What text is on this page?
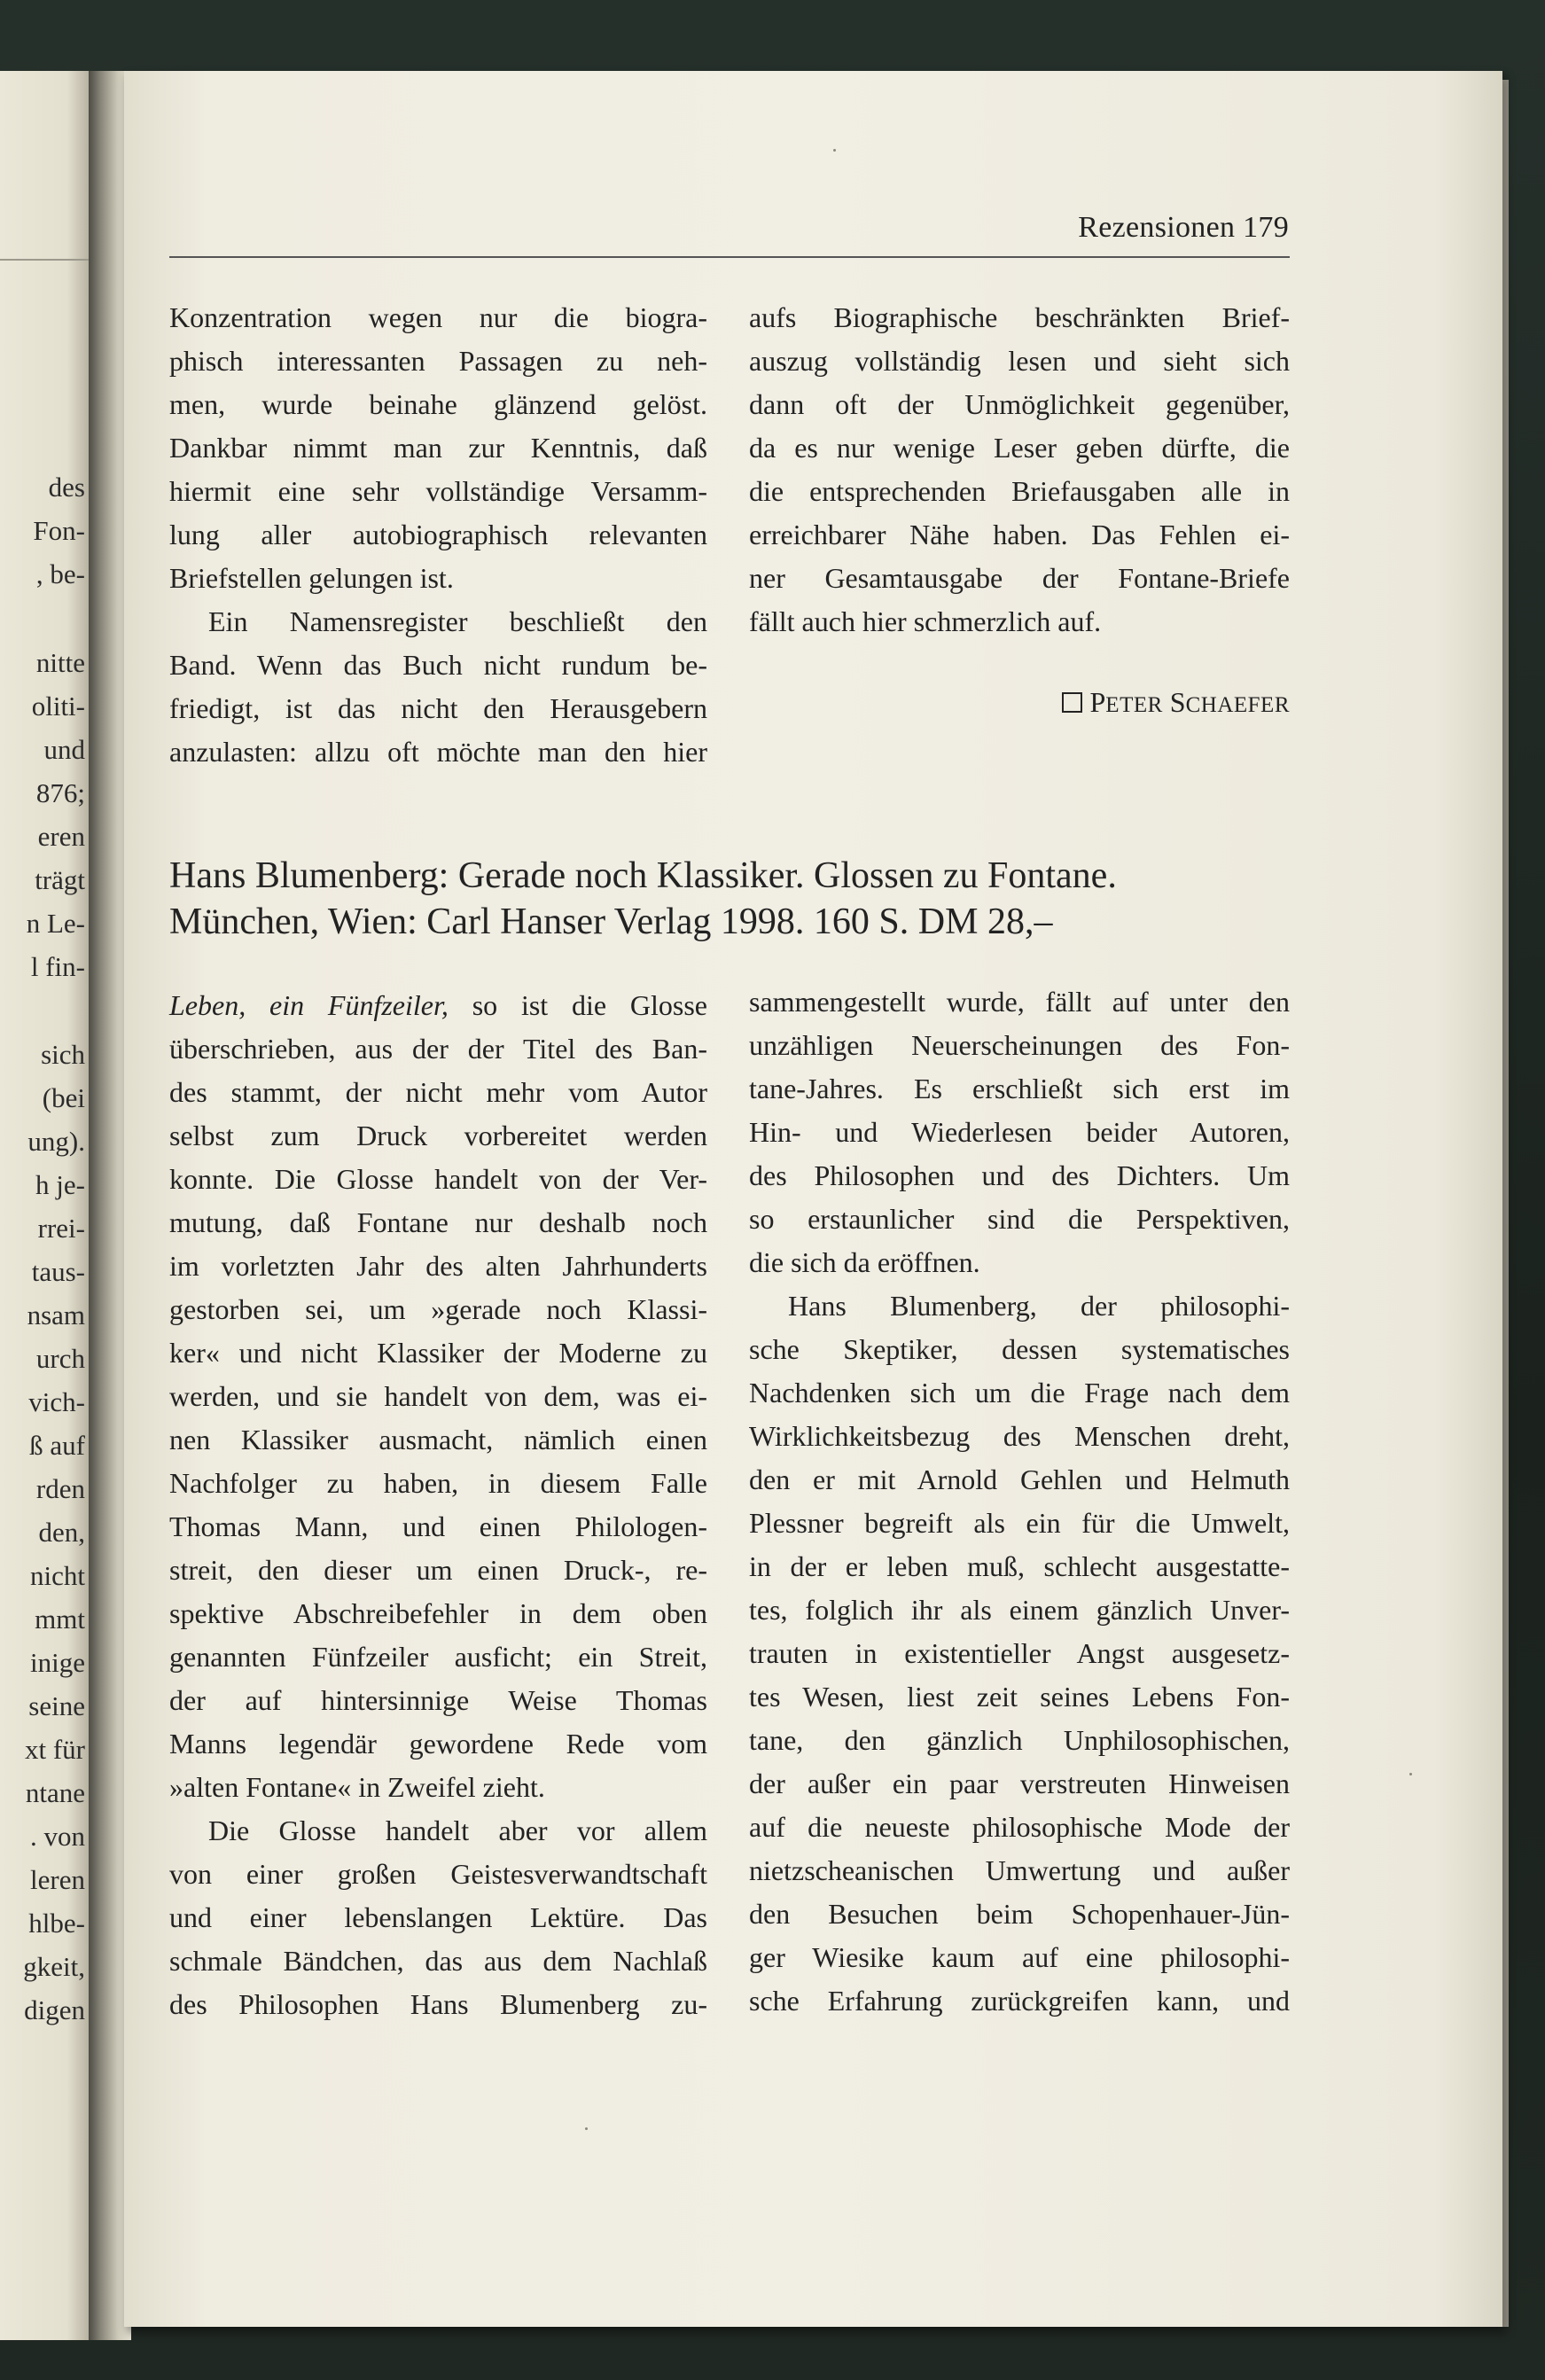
des
Fon-
, be-
nitte
oliti-
und
876;
eren
trägt
n Le-
l fin-
sich
(bei
ung).
h je-
rrei-
taus-
nsam
urch
vich-
ß auf
rden
den,
nicht
mmt
inige
seine
xt für
ntane
. von
leren
hlbe-
gkeit,
digen
Rezensionen 179
Konzentration wegen nur die biogra-
phisch interessanten Passagen zu neh-
men, wurde beinahe glänzend gelöst.
Dankbar nimmt man zur Kenntnis, daß
hiermit eine sehr vollständige Versamm-
lung aller autobiographisch relevanten
Briefstellen gelungen ist.
Ein Namensregister beschließt den
Band. Wenn das Buch nicht rundum be-
friedigt, ist das nicht den Herausgebern
anzulasten: allzu oft möchte man den hier
aufs Biographische beschränkten Brief-
auszug vollständig lesen und sieht sich
dann oft der Unmöglichkeit gegenüber,
da es nur wenige Leser geben dürfte, die
die entsprechenden Briefausgaben alle in
erreichbarer Nähe haben. Das Fehlen ei-
ner Gesamtausgabe der Fontane-Briefe
fällt auch hier schmerzlich auf.
PETER SCHAEFER
Hans Blumenberg: Gerade noch Klassiker. Glossen zu Fontane.
München, Wien: Carl Hanser Verlag 1998. 160 S. DM 28,–
Leben, ein Fünfzeiler, so ist die Glosse
überschrieben, aus der der Titel des Ban-
des stammt, der nicht mehr vom Autor
selbst zum Druck vorbereitet werden
konnte. Die Glosse handelt von der Ver-
mutung, daß Fontane nur deshalb noch
im vorletzten Jahr des alten Jahrhunderts
gestorben sei, um »gerade noch Klassi-
ker« und nicht Klassiker der Moderne zu
werden, und sie handelt von dem, was ei-
nen Klassiker ausmacht, nämlich einen
Nachfolger zu haben, in diesem Falle
Thomas Mann, und einen Philologen-
streit, den dieser um einen Druck-, re-
spektive Abschreibefehler in dem oben
genannten Fünfzeiler ausficht; ein Streit,
der auf hintersinnige Weise Thomas
Manns legendär gewordene Rede vom
»alten Fontane« in Zweifel zieht.
Die Glosse handelt aber vor allem
von einer großen Geistesverwandtschaft
und einer lebenslangen Lektüre. Das
schmale Bändchen, das aus dem Nachlaß
des Philosophen Hans Blumenberg zu-
sammengestellt wurde, fällt auf unter den
unzähligen Neuerscheinungen des Fon-
tane-Jahres. Es erschließt sich erst im
Hin- und Wiederlesen beider Autoren,
des Philosophen und des Dichters. Um
so erstaunlicher sind die Perspektiven,
die sich da eröffnen.
Hans Blumenberg, der philosophi-
sche Skeptiker, dessen systematisches
Nachdenken sich um die Frage nach dem
Wirklichkeitsbezug des Menschen dreht,
den er mit Arnold Gehlen und Helmuth
Plessner begreift als ein für die Umwelt,
in der er leben muß, schlecht ausgestatte-
tes, folglich ihr als einem gänzlich Unver-
trauten in existentieller Angst ausgesetz-
tes Wesen, liest zeit seines Lebens Fon-
tane, den gänzlich Unphilosophischen,
der außer ein paar verstreuten Hinweisen
auf die neueste philosophische Mode der
nietzscheanischen Umwertung und außer
den Besuchen beim Schopenhauer-Jün-
ger Wiesike kaum auf eine philosophi-
sche Erfahrung zurückgreifen kann, und
